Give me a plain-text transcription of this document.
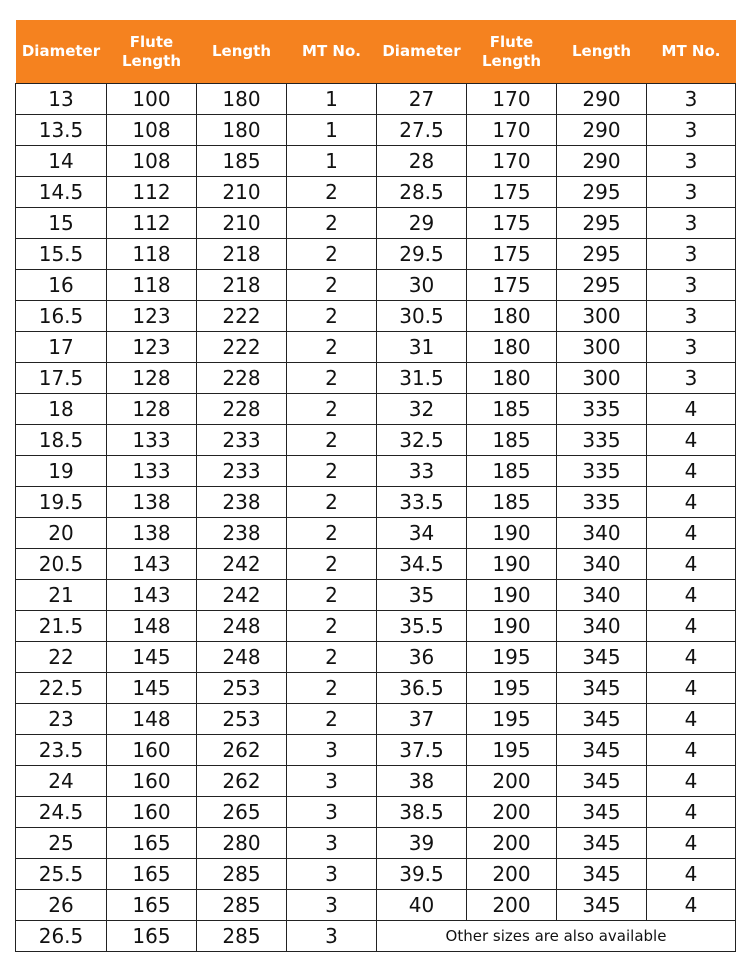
Diameter	Flute Length	Length	MT No.	Diameter	Flute Length	Length	MT No.
13	100	180	1	27	170	290	3
13.5	108	180	1	27.5	170	290	3
14	108	185	1	28	170	290	3
14.5	112	210	2	28.5	175	295	3
15	112	210	2	29	175	295	3
15.5	118	218	2	29.5	175	295	3
16	118	218	2	30	175	295	3
16.5	123	222	2	30.5	180	300	3
17	123	222	2	31	180	300	3
17.5	128	228	2	31.5	180	300	3
18	128	228	2	32	185	335	4
18.5	133	233	2	32.5	185	335	4
19	133	233	2	33	185	335	4
19.5	138	238	2	33.5	185	335	4
20	138	238	2	34	190	340	4
20.5	143	242	2	34.5	190	340	4
21	143	242	2	35	190	340	4
21.5	148	248	2	35.5	190	340	4
22	145	248	2	36	195	345	4
22.5	145	253	2	36.5	195	345	4
23	148	253	2	37	195	345	4
23.5	160	262	3	37.5	195	345	4
24	160	262	3	38	200	345	4
24.5	160	265	3	38.5	200	345	4
25	165	280	3	39	200	345	4
25.5	165	285	3	39.5	200	345	4
26	165	285	3	40	200	345	4
26.5	165	285	3	Other sizes are also available			
